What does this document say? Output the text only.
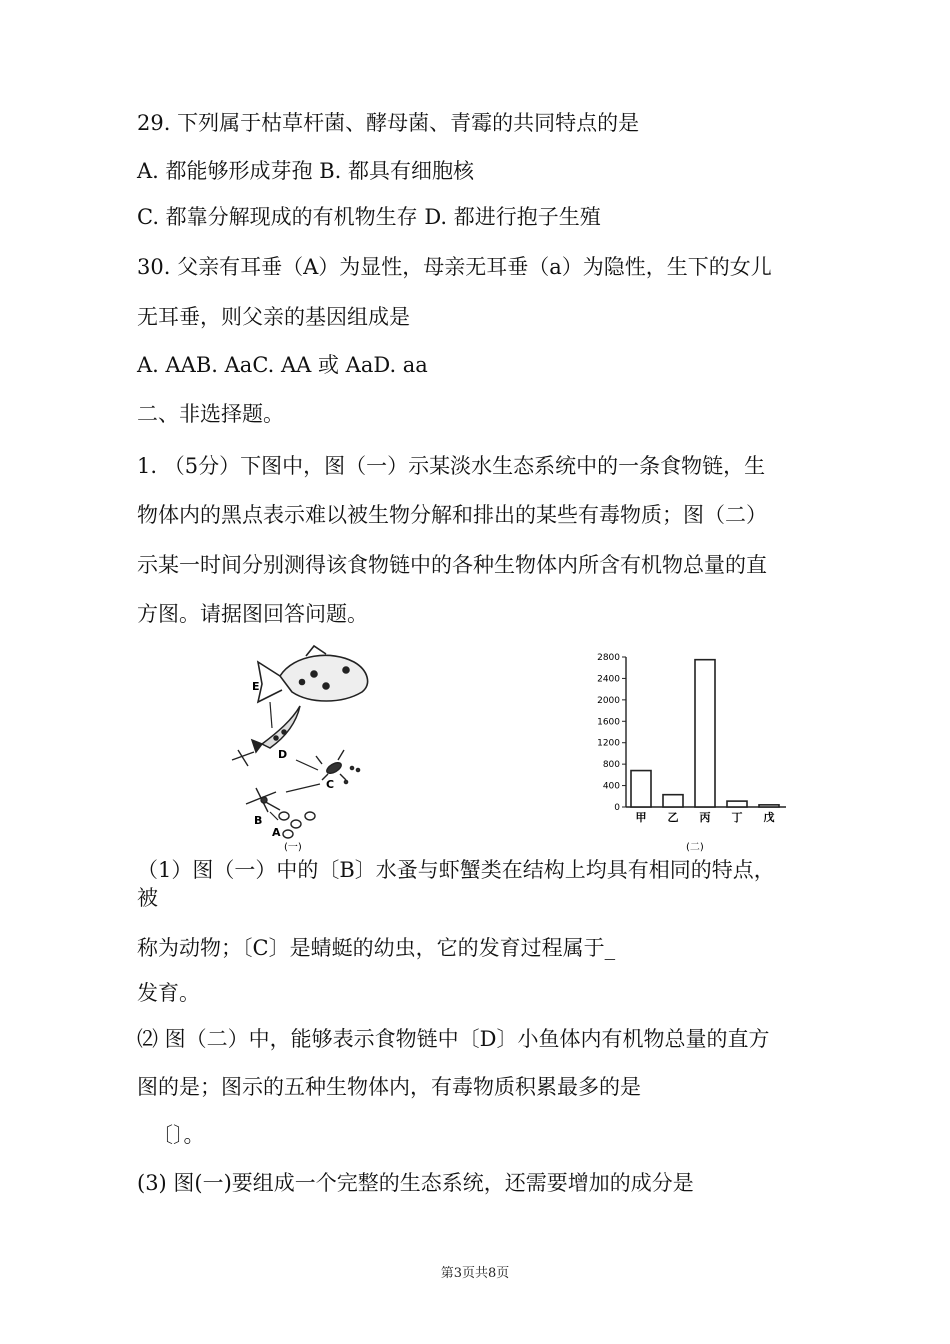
29. 下列属于枯草杆菌、酵母菌、青霉的共同特点的是
A. 都能够形成芽孢 B. 都具有细胞核
C. 都靠分解现成的有机物生存 D. 都进行抱子生殖
30. 父亲有耳垂（A）为显性，母亲无耳垂（a）为隐性，生下的女儿
无耳垂，则父亲的基因组成是
A. AAB. AaC. AA 或 AaD. aa
二、非选择题。
1. （5分）下图中，图（一）示某淡水生态系统中的一条食物链，生
物体内的黑点表示难以被生物分解和排出的某些有毒物质；图（二）
示某一时间分别测得该食物链中的各种生物体内所含有机物总量的直
方图。请据图回答问题。
E
D
C
B
A
(一)
2800
2400
2000
1600
1200
800
400
0
甲 乙 丙 丁 戊
(二)
（1）图（一）中的〔B〕水蚤与虾蟹类在结构上均具有相同的特点，
被
称为动物；〔C〕是蜻蜓的幼虫，它的发育过程属于_
发育。
⑵ 图（二）中，能够表示食物链中〔D〕小鱼体内有机物总量的直方
图的是；图示的五种生物体内，有毒物质积累最多的是
〔〕。
(3) 图(一)要组成一个完整的生态系统，还需要增加的成分是
第3页共8页
